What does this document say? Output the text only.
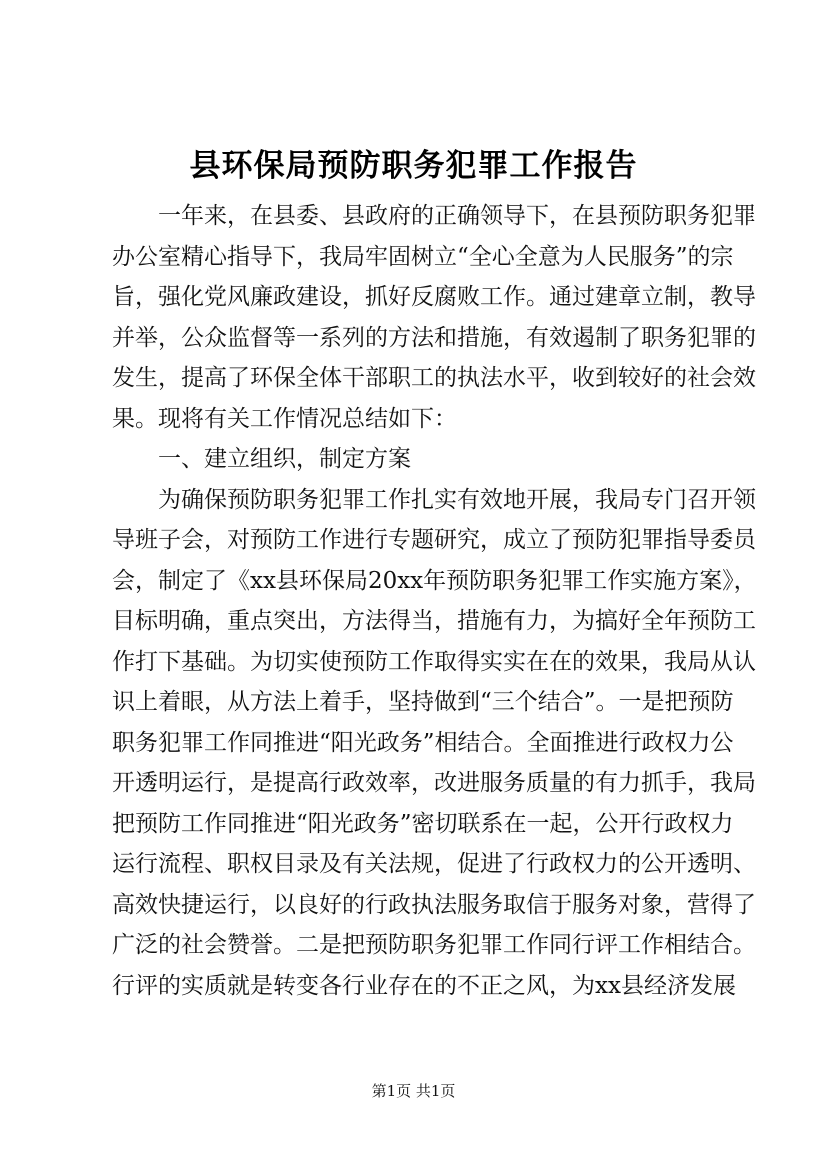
县环保局预防职务犯罪工作报告
一年来，在县委、县政府的正确领导下，在县预防职务犯罪
办公室精心指导下，我局牢固树立“全心全意为人民服务”的宗
旨，强化党风廉政建设，抓好反腐败工作。通过建章立制，教导
并举，公众监督等一系列的方法和措施，有效遏制了职务犯罪的
发生，提高了环保全体干部职工的执法水平，收到较好的社会效
果。现将有关工作情况总结如下：
一、建立组织，制定方案
为确保预防职务犯罪工作扎实有效地开展，我局专门召开领
导班子会，对预防工作进行专题研究，成立了预防犯罪指导委员
会，制定了《xx县环保局20xx年预防职务犯罪工作实施方案》，
目标明确，重点突出，方法得当，措施有力，为搞好全年预防工
作打下基础。为切实使预防工作取得实实在在的效果，我局从认
识上着眼，从方法上着手，坚持做到“三个结合”。一是把预防
职务犯罪工作同推进“阳光政务”相结合。全面推进行政权力公
开透明运行，是提高行政效率，改进服务质量的有力抓手，我局
把预防工作同推进“阳光政务”密切联系在一起，公开行政权力
运行流程、职权目录及有关法规，促进了行政权力的公开透明、
高效快捷运行，以良好的行政执法服务取信于服务对象，营得了
广泛的社会赞誉。二是把预防职务犯罪工作同行评工作相结合。
行评的实质就是转变各行业存在的不正之风，为xx县经济发展
第1页 共1页
